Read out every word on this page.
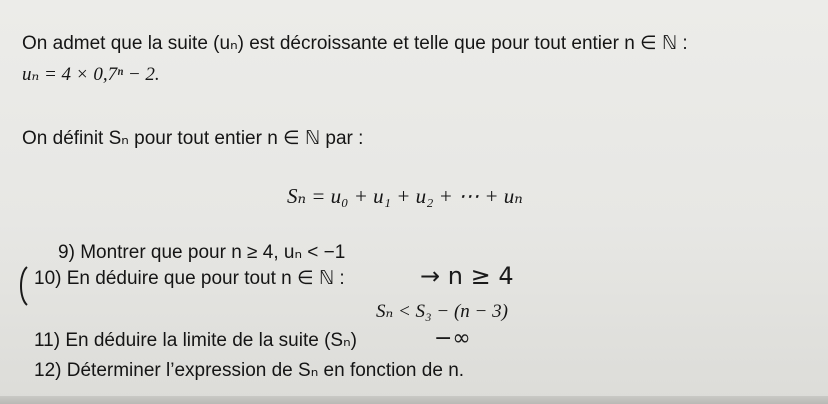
On admet que la suite (uₙ) est décroissante et telle que pour tout entier n ∈ ℕ :
uₙ = 4 × 0,7ⁿ − 2.
On définit Sₙ pour tout entier n ∈ ℕ par :
Sₙ = u₀ + u₁ + u₂ + ⋯ + uₙ
9) Montrer que pour n ≥ 4, uₙ < −1
10) En déduire que pour tout n ∈ ℕ :	→ n ≥ 4
Sₙ < S₃ − (n − 3)
11) En déduire la limite de la suite (Sₙ)	−∞
12) Déterminer l’expression de Sₙ en fonction de n.
